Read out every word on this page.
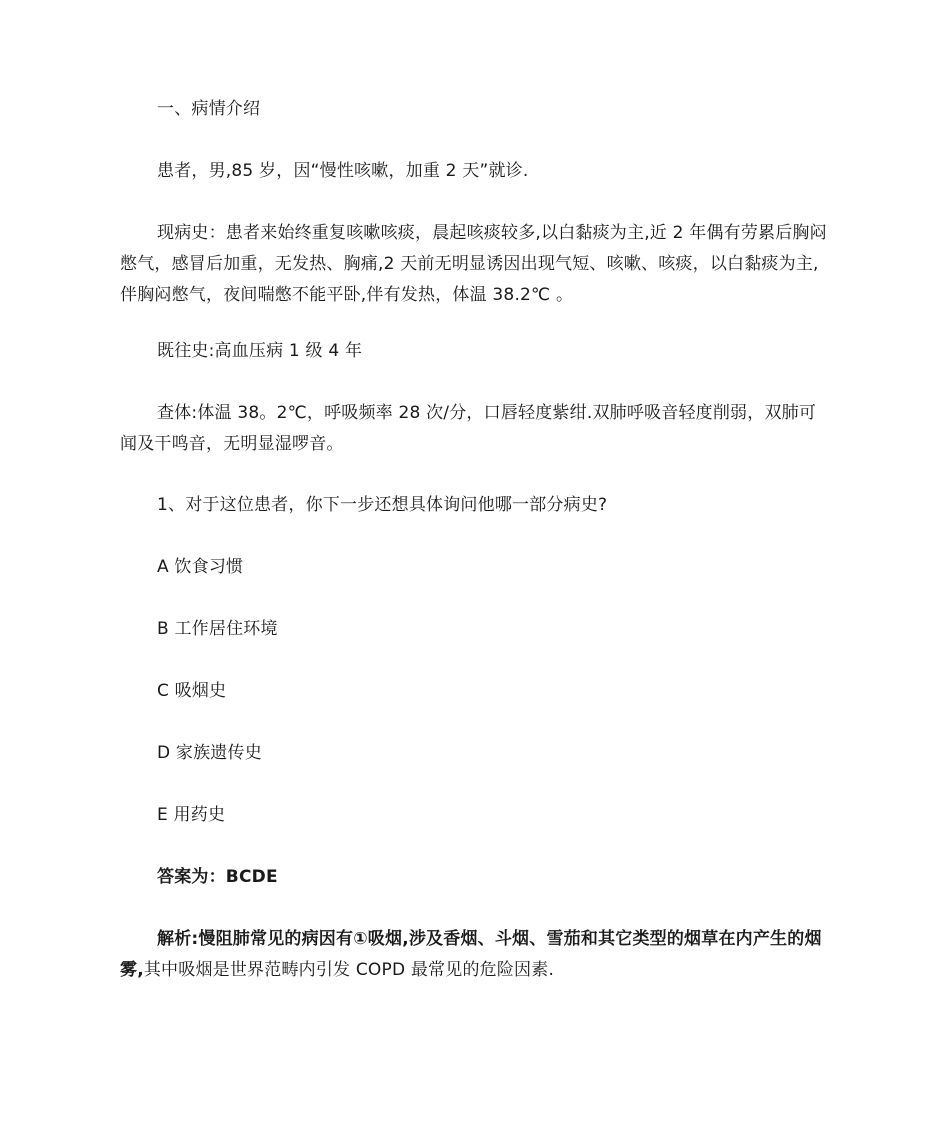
一、病情介绍

患者，男,85 岁，因“慢性咳嗽，加重 2 天”就诊.

现病史：患者来始终重复咳嗽咳痰，晨起咳痰较多,以白黏痰为主,近 2 年偶有劳累后胸闷憋气，感冒后加重，无发热、胸痛,2 天前无明显诱因出现气短、咳嗽、咳痰，以白黏痰为主,伴胸闷憋气，夜间喘憋不能平卧,伴有发热，体温 38.2℃ 。

既往史:高血压病 1 级 4 年

查体:体温 38。2℃，呼吸频率 28 次/分，口唇轻度紫绀.双肺呼吸音轻度削弱，双肺可闻及干鸣音，无明显湿啰音。

1、对于这位患者，你下一步还想具体询问他哪一部分病史?

A 饮食习惯

B 工作居住环境

C 吸烟史

D 家族遗传史

E 用药史

答案为：BCDE

解析:慢阻肺常见的病因有①吸烟,涉及香烟、斗烟、雪茄和其它类型的烟草在内产生的烟雾,其中吸烟是世界范畴内引发 COPD 最常见的危险因素.
